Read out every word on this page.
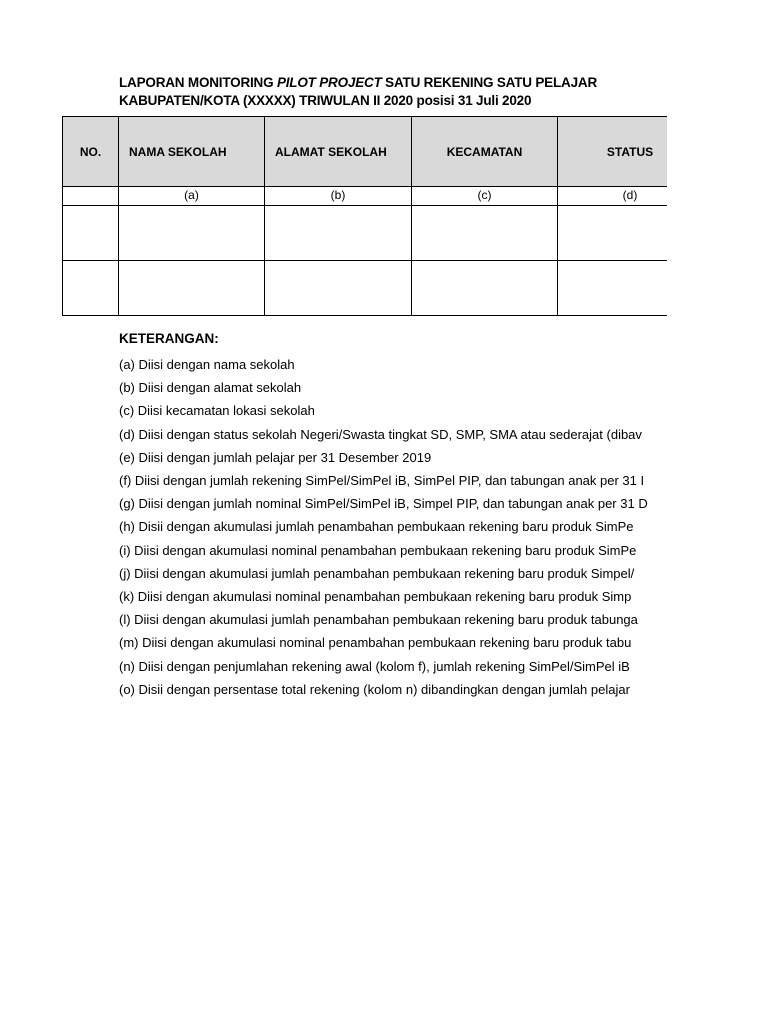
LAPORAN MONITORING PILOT PROJECT SATU REKENING SATU PELAJAR
KABUPATEN/KOTA (XXXXX) TRIWULAN II 2020 posisi 31 Juli 2020
NO.	NAMA SEKOLAH	ALAMAT SEKOLAH	KECAMATAN	STATUS
	(a)	(b)	(c)	(d)

KETERANGAN:
(a) Diisi dengan nama sekolah
(b) Diisi dengan alamat sekolah
(c) Diisi kecamatan lokasi sekolah
(d) Diisi dengan status sekolah Negeri/Swasta tingkat SD, SMP, SMA atau sederajat (dibav
(e) Diisi dengan jumlah pelajar per 31 Desember 2019
(f) Diisi dengan jumlah rekening SimPel/SimPel iB, SimPel PIP, dan tabungan anak per 31 I
(g) Diisi dengan jumlah nominal SimPel/SimPel iB, Simpel PIP, dan tabungan anak per 31 D
(h) Disii dengan akumulasi jumlah penambahan pembukaan rekening baru produk SimPe
(i) Diisi dengan akumulasi nominal penambahan pembukaan rekening baru produk SimPe
(j) Diisi dengan akumulasi jumlah penambahan pembukaan rekening baru produk Simpel/
(k) Diisi dengan akumulasi nominal penambahan pembukaan rekening baru produk Simp
(l) Diisi dengan akumulasi jumlah penambahan pembukaan rekening baru produk tabunga
(m) Diisi dengan akumulasi nominal penambahan pembukaan rekening baru produk tabu
(n) Diisi dengan penjumlahan rekening awal (kolom f), jumlah rekening SimPel/SimPel iB
(o) Disii dengan persentase total rekening (kolom n) dibandingkan dengan jumlah pelajar
